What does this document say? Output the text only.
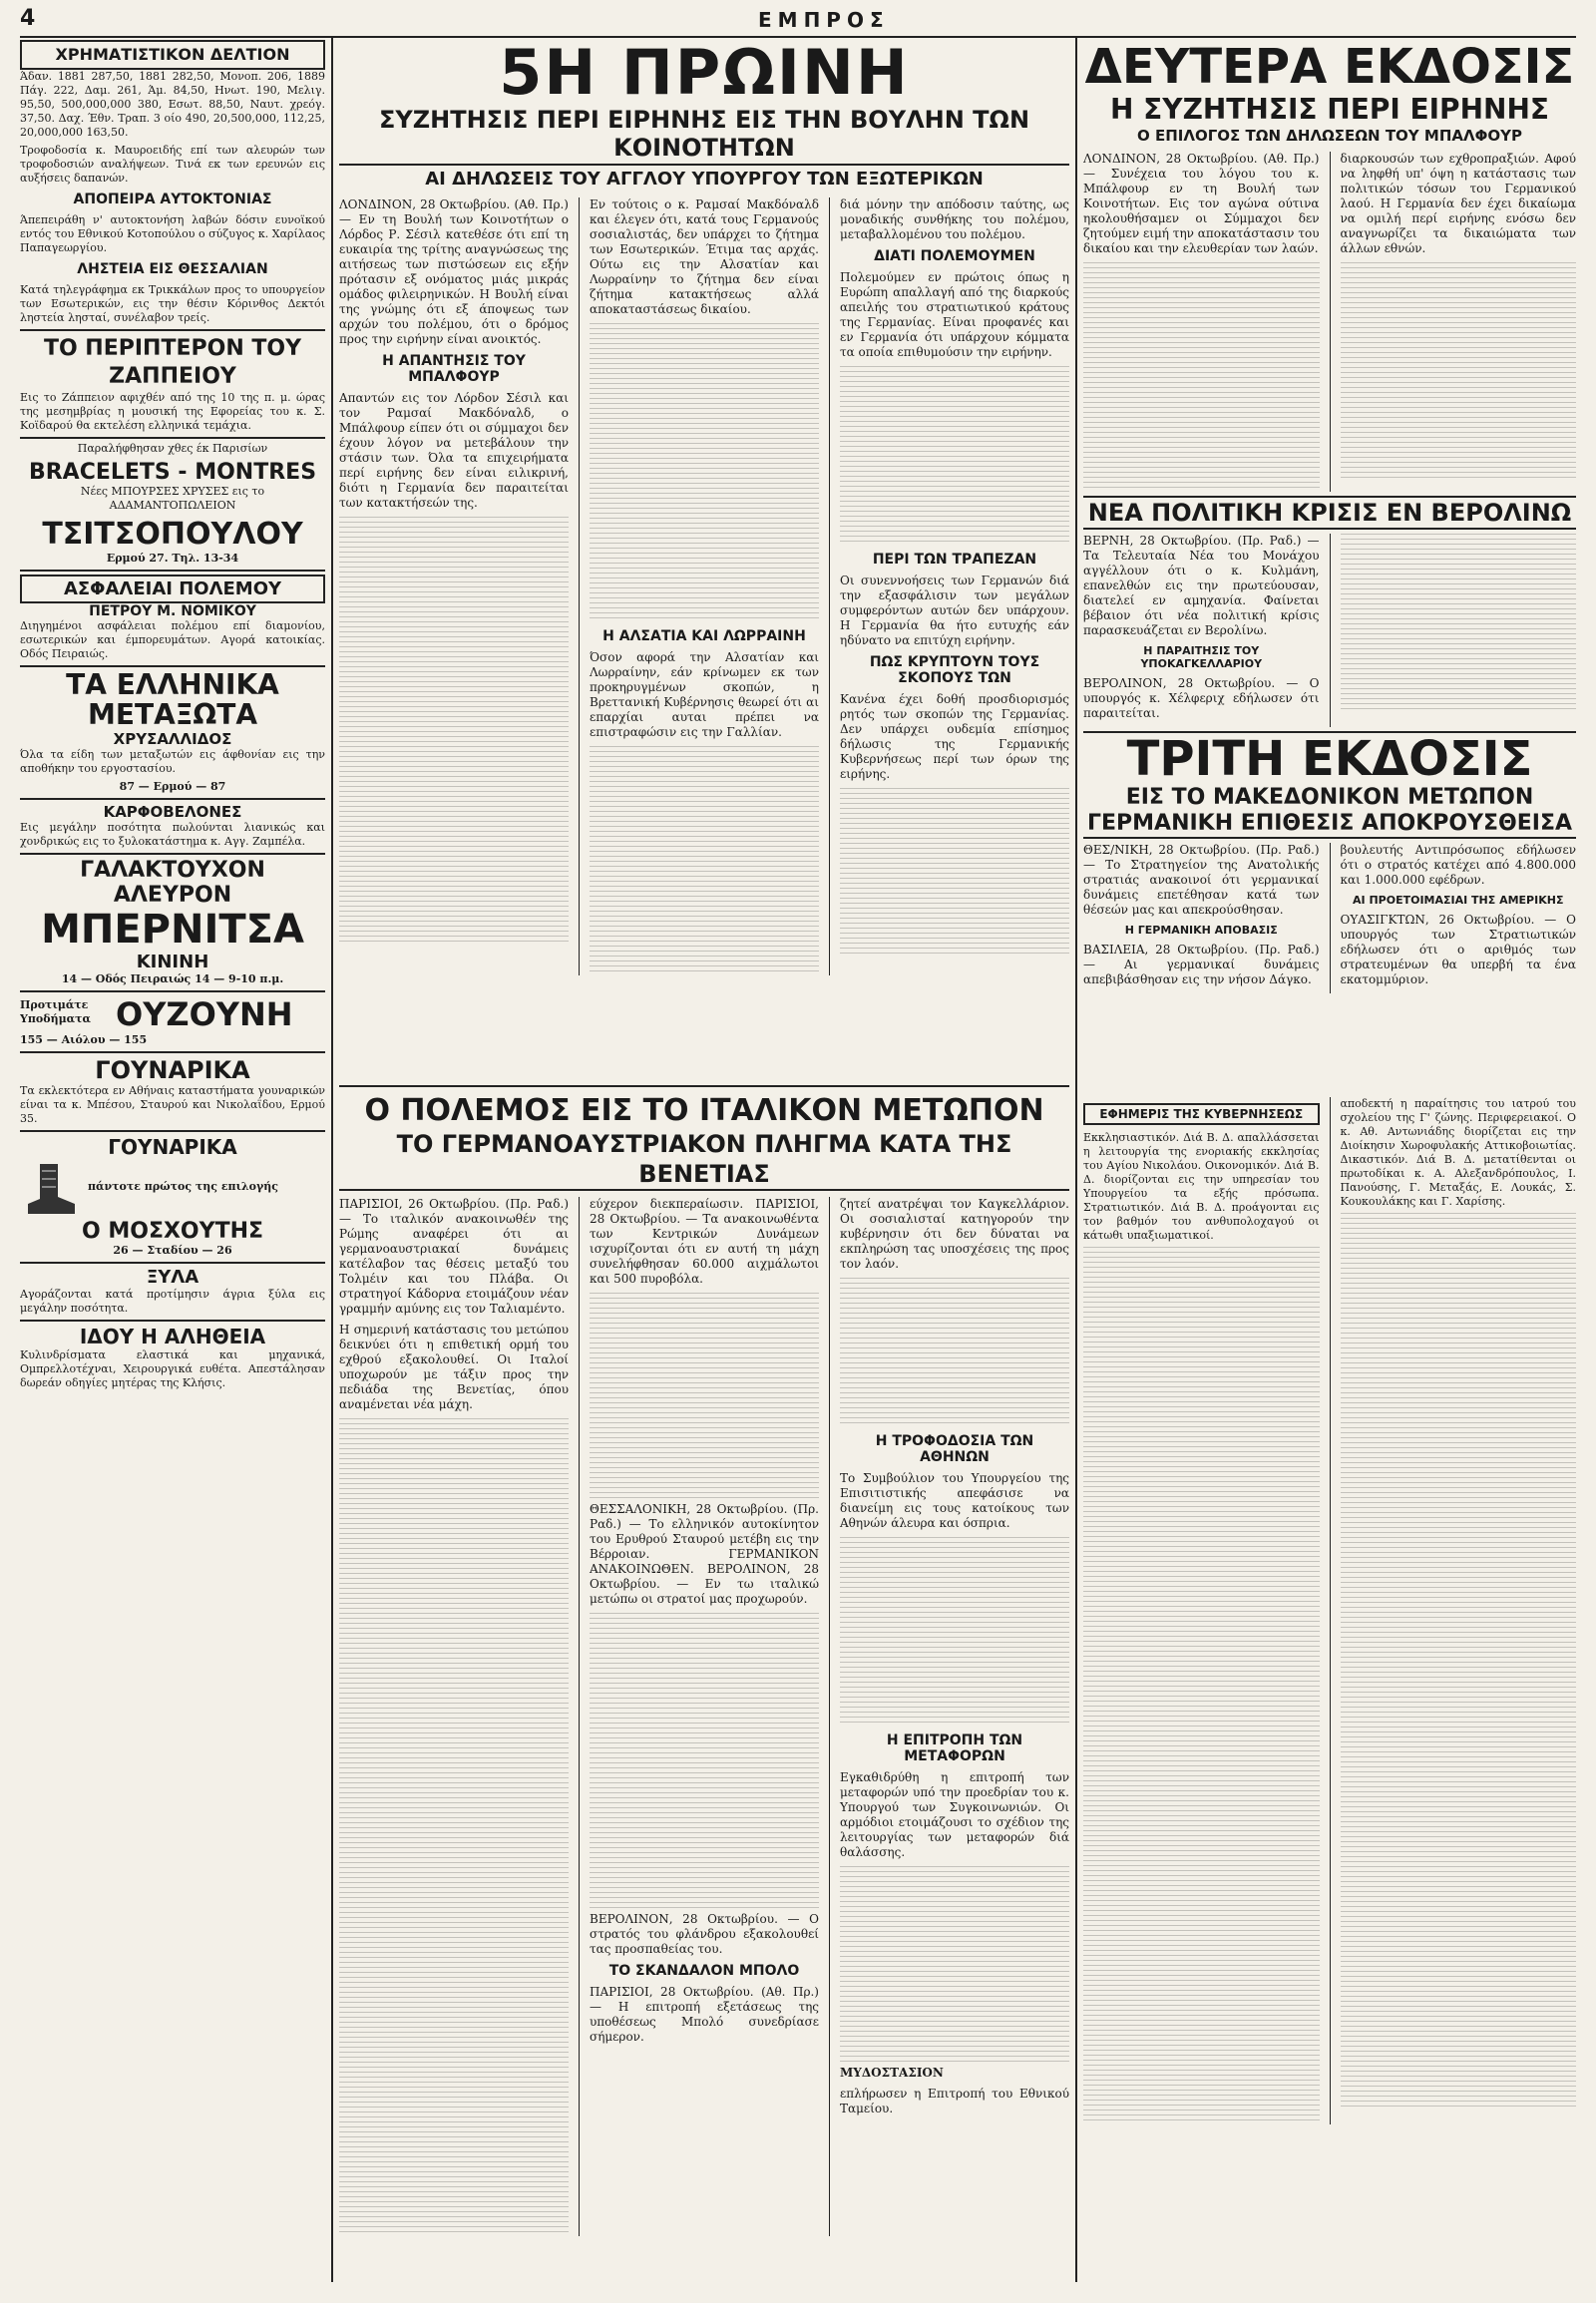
4	ΕΜΠΡΟΣ
ΧΡΗΜΑΤΙΣΤΙΚΟΝ ΔΕΛΤΙΟΝ

Άδαν. 1881 287,50, 1881 282,50, Μονοπ. 206, 1889 Πάγ. 222, Δαμ. 261, Άμ. 84,50, Ηνωτ. 190, Μελιγ. 95,50, 500,000,000 380, Εσωτ. 88,50, Ναυτ. χρεόγ. 37,50. Δαχ. Έθν. Τραπ. 3 οίο 490, 20,500,000, 112,25, 20,000,000 163,50.

Τροφοδοσία κ. Μαυροειδής επί των αλευρών των τροφοδοσιών αναλήψεων. Τινά εκ των ερευνών εις αυξήσεις δαπανών.

ΑΠΟΠΕΙΡΑ ΑΥΤΟΚΤΟΝΙΑΣ

Άπεπειράθη ν' αυτοκτονήση λαβών δόσιν ευνοϊκού εντός του Εθνικού Κοτοπούλου ο σύζυγος κ. Χαρίλαος Παπαγεωργίου.

ΛΗΣΤΕΙΑ ΕΙΣ ΘΕΣΣΑΛΙΑΝ

Κατά τηλεγράφημα εκ Τρικκάλων προς το υπουργείον των Εσωτερικών, εις την θέσιν Κόρινθος Δεκτόι ληστεία λησταί, συνέλαβον τρείς.

ΤΟ ΠΕΡΙΠΤΕΡΟΝ ΤΟΥ ΖΑΠΠΕΙΟΥ

Εις το Ζάππειον αφιχθέν από της 10 της π. μ. ώρας της μεσημβρίας η μουσική της Εφορείας του κ. Σ. Κοϊδαρού θα εκτελέση ελληνικά τεμάχια.

Παραλήφθησαν χθες έκ Παρισίων
BRACELETS - MONTRES
Νέες ΜΠΟΥΡΣΕΣ ΧΡΥΣΕΣ εις το ΑΔΑΜΑΝΤΟΠΩΛΕΙΟΝ
ΤΣΙΤΣΟΠΟΥΛΟΥ
Ερμού 27. Τηλ. 13-34
ΑΣΦΑΛΕΙΑΙ ΠΟΛΕΜΟΥ
ΠΕΤΡΟΥ Μ. ΝΟΜΙΚΟΥ

Διηγημένοι ασφάλειαι πολέμου επί διαμονίου, εσωτερικών και έμπορευμάτων. Αγορά κατοικίας. Οδός Πειραιώς.

ΤΑ ΕΛΛΗΝΙΚΑ ΜΕΤΑΞΩΤΑ
ΧΡΥΣΑΛΛΙΔΟΣ

Όλα τα είδη των μεταξωτών εις άφθονίαν εις την αποθήκην του εργοστασίου.

87 — Ερμού — 87
ΚΑΡΦΟΒΕΛΟΝΕΣ

Εις μεγάλην ποσότητα πωλούνται λιανικώς και χονδρικώς εις το ξυλοκατάστημα κ. Αγγ. Ζαμπέλα.

ΓΑΛΑΚΤΟΥΧΟΝ ΑΛΕΥΡΟΝ
ΜΠΕΡΝΙΤΣΑ
ΚΙΝΙΝΗ
14 — Οδός Πειραιώς 14 — 9-10 π.μ.
Προτιμάτε Υποδήματα ΟΥΖΟΥΝΗ
155 — Αιόλου — 155
ΓΟΥΝΑΡΙΚΑ

Τα εκλεκτότερα εν Αθήναις καταστήματα γουναρικών είναι τα κ. Μπέσου, Σταυρού και Νικολαΐδου, Ερμού 35.

ΓΟΥΝΑΡΙΚΑ
πάντοτε πρώτος της επιλογής
Ο ΜΟΣΧΟΥΤΗΣ
26 — Σταδίου — 26
ΞΥΛΑ

Αγοράζονται κατά προτίμησιν άγρια ξύλα εις μεγάλην ποσότητα.

ΙΔΟΥ Η ΑΛΗΘΕΙΑ

Κυλινδρίσματα ελαστικά και μηχανικά, Ομπρελλοτέχναι, Χειρουργικά ευθέτα. Απεστάλησαν δωρεάν οδηγίες μητέρας της Κλήσις.

5Η ΠΡΩΙΝΗ
ΣΥΖΗΤΗΣΙΣ ΠΕΡΙ ΕΙΡΗΝΗΣ ΕΙΣ ΤΗΝ ΒΟΥΛΗΝ ΤΩΝ ΚΟΙΝΟΤΗΤΩΝ
ΑΙ ΔΗΛΩΣΕΙΣ ΤΟΥ ΑΓΓΛΟΥ ΥΠΟΥΡΓΟΥ ΤΩΝ ΕΞΩΤΕΡΙΚΩΝ

ΛΟΝΔΙΝΟΝ, 28 Οκτωβρίου. (Αθ. Πρ.) — Εν τη Βουλή των Κοινοτήτων ο Λόρδος Ρ. Σέσιλ κατεθέσε ότι επί τη ευκαιρία της τρίτης αναγνώσεως της αιτήσεως των πιστώσεων εις εξήν πρότασιν εξ ονόματος μιάς μικράς ομάδος φιλειρηνικών. Η Βουλή είναι της γνώμης ότι εξ άποψεως των αρχών του πολέμου, ότι ο δρόμος προς την ειρήνην είναι ανοικτός.

Η ΑΠΑΝΤΗΣΙΣ ΤΟΥ ΜΠΑΛΦΟΥΡ

Απαντών εις τον Λόρδον Σέσιλ και τον Ραμσαί Μακδόναλδ, ο Μπάλφουρ είπεν ότι οι σύμμαχοι δεν έχουν λόγον να μετεβάλουν την στάσιν των. Όλα τα επιχειρήματα περί ειρήνης δεν είναι ειλικρινή, διότι η Γερμανία δεν παραιτείται των κατακτήσεών της.

Εν τούτοις ο κ. Ραμσαί Μακδόναλδ και έλεγεν ότι, κατά τους Γερμανούς σοσιαλιστάς, δεν υπάρχει το ζήτημα των Εσωτερικών. Έτιμα τας αρχάς. Ούτω εις την Αλσατίαν και Λωρραίνην το ζήτημα δεν είναι ζήτημα κατακτήσεως αλλά αποκαταστάσεως δικαίου.

Η ΑΛΣΑΤΙΑ ΚΑΙ ΛΩΡΡΑΙΝΗ

Όσον αφορά την Αλσατίαν και Λωρραίνην, εάν κρίνωμεν εκ των προκηρυγμένων σκοπών, η Βρεττανική Κυβέρνησις θεωρεί ότι αι επαρχίαι αυται πρέπει να επιστραφώσιν εις την Γαλλίαν.

διά μόνην την απόδοσιν ταύτης, ως μοναδικής συνθήκης του πολέμου, μεταβαλλομένου του πολέμου.

ΔΙΑΤΙ ΠΟΛΕΜΟΥΜΕΝ

Πολεμούμεν εν πρώτοις όπως η Ευρώπη απαλλαγή από της διαρκούς απειλής του στρατιωτικού κράτους της Γερμανίας. Είναι προφανές και εν Γερμανία ότι υπάρχουν κόμματα τα οποία επιθυμούσιν την ειρήνην.

ΠΕΡΙ ΤΩΝ ΤΡΑΠΕΖΑΝ

Οι συνεννοήσεις των Γερμανών διά την εξασφάλισιν των μεγάλων συμφερόντων αυτών δεν υπάρχουν. Η Γερμανία θα ήτο ευτυχής εάν ηδύνατο να επιτύχη ειρήνην.

ΠΩΣ ΚΡΥΠΤΟΥΝ ΤΟΥΣ ΣΚΟΠΟΥΣ ΤΩΝ

Κανένα έχει δοθή προσδιορισμός ρητός των σκοπών της Γερμανίας. Δεν υπάρχει ουδεμία επίσημος δήλωσις της Γερμανικής Κυβερνήσεως περί των όρων της ειρήνης.

ΔΕΥΤΕΡΑ ΕΚΔΟΣΙΣ
Η ΣΥΖΗΤΗΣΙΣ ΠΕΡΙ ΕΙΡΗΝΗΣ
Ο ΕΠΙΛΟΓΟΣ ΤΩΝ ΔΗΛΩΣΕΩΝ ΤΟΥ ΜΠΑΛΦΟΥΡ

ΛΟΝΔΙΝΟΝ, 28 Οκτωβρίου. (Αθ. Πρ.) — Συνέχεια του λόγου του κ. Μπάλφουρ εν τη Βουλή των Κοινοτήτων. Εις τον αγώνα ούτινα ηκολουθήσαμεν οι Σύμμαχοι δεν ζητούμεν ειμή την αποκατάστασιν του δικαίου και την ελευθερίαν των λαών.

διαρκουσών των εχθροπραξιών. Αφού να ληφθή υπ' όψη η κατάστασις των πολιτικών τόσων του Γερμανικού λαού. Η Γερμανία δεν έχει δικαίωμα να ομιλή περί ειρήνης ενόσω δεν αναγνωρίζει τα δικαιώματα των άλλων εθνών.

ΝΕΑ ΠΟΛΙΤΙΚΗ ΚΡΙΣΙΣ ΕΝ ΒΕΡΟΛΙΝΩ

ΒΕΡΝΗ, 28 Οκτωβρίου. (Πρ. Ραδ.) — Τα Τελευταία Νέα του Μονάχου αγγέλλουν ότι ο κ. Κυλμάνη, επανελθών εις την πρωτεύουσαν, διατελεί εν αμηχανία. Φαίνεται βέβαιον ότι νέα πολιτική κρίσις παρασκευάζεται εν Βερολίνω.

Η ΠΑΡΑΙΤΗΣΙΣ ΤΟΥ ΥΠΟΚΑΓΚΕΛΛΑΡΙΟΥ

ΒΕΡΟΛΙΝΟΝ, 28 Οκτωβρίου. — Ο υπουργός κ. Χέλφεριχ εδήλωσεν ότι παραιτείται.

ΤΡΙΤΗ ΕΚΔΟΣΙΣ
ΕΙΣ ΤΟ ΜΑΚΕΔΟΝΙΚΟΝ ΜΕΤΩΠΟΝ
ΓΕΡΜΑΝΙΚΗ ΕΠΙΘΕΣΙΣ ΑΠΟΚΡΟΥΣΘΕΙΣΑ

ΘΕΣ/ΝΙΚΗ, 28 Οκτωβρίου. (Πρ. Ραδ.) — Το Στρατηγείον της Ανατολικής στρατιάς ανακοινοί ότι γερμανικαί δυνάμεις επετέθησαν κατά των θέσεών μας και απεκρούσθησαν.

Η ΓΕΡΜΑΝΙΚΗ ΑΠΟΒΑΣΙΣ

ΒΑΣΙΛΕΙΑ, 28 Οκτωβρίου. (Πρ. Ραδ.) — Αι γερμανικαί δυνάμεις απεβιβάσθησαν εις την νήσον Δάγκο.

βουλευτής Αντιπρόσωπος εδήλωσεν ότι ο στρατός κατέχει από 4.800.000 και 1.000.000 εφέδρων.

ΑΙ ΠΡΟΕΤΟΙΜΑΣΙΑΙ ΤΗΣ ΑΜΕΡΙΚΗΣ

ΟΥΑΣΙΓΚΤΩΝ, 26 Οκτωβρίου. — Ο υπουργός των Στρατιωτικών εδήλωσεν ότι ο αριθμός των στρατευμένων θα υπερβή τα ένα εκατομμύριον.

ΕΦΗΜΕΡΙΣ ΤΗΣ ΚΥΒΕΡΝΗΣΕΩΣ

Εκκλησιαστικόν. Διά Β. Δ. απαλλάσσεται η λειτουργία της ενοριακής εκκλησίας του Αγίου Νικολάου. Οικονομικόν. Διά Β. Δ. διορίζονται εις την υπηρεσίαν του Υπουργείου τα εξής πρόσωπα. Στρατιωτικόν. Διά Β. Δ. προάγονται εις τον βαθμόν του ανθυπολοχαγού οι κάτωθι υπαξιωματικοί.

αποδεκτή η παραίτησις του ιατρού του σχολείου της Γ' ζώνης. Περιφερειακοί. Ο κ. Αθ. Αντωνιάδης διορίζεται εις την Διοίκησιν Χωροφυλακής Αττικοβοιωτίας. Δικαστικόν. Διά Β. Δ. μετατίθενται οι πρωτοδίκαι κ. Α. Αλεξανδρόπουλος, Ι. Πανούσης, Γ. Μεταξάς, Ε. Λουκάς, Σ. Κουκουλάκης και Γ. Χαρίσης.

Ο ΠΟΛΕΜΟΣ ΕΙΣ ΤΟ ΙΤΑΛΙΚΟΝ ΜΕΤΩΠΟΝ
ΤΟ ΓΕΡΜΑΝΟΑΥΣΤΡΙΑΚΟΝ ΠΛΗΓΜΑ ΚΑΤΑ ΤΗΣ ΒΕΝΕΤΙΑΣ

ΠΑΡΙΣΙΟΙ, 26 Οκτωβρίου. (Πρ. Ραδ.) — Το ιταλικόν ανακοινωθέν της Ρώμης αναφέρει ότι αι γερμανοαυστριακαί δυνάμεις κατέλαβον τας θέσεις μεταξύ του Τολμέιν και του Πλάβα. Οι στρατηγοί Κάδορνα ετοιμάζουν νέαν γραμμήν αμύνης εις τον Ταλιαμέντο.

Η σημερινή κατάστασις του μετώπου δεικνύει ότι η επιθετική ορμή του εχθρού εξακολουθεί. Οι Ιταλοί υποχωρούν με τάξιν προς την πεδιάδα της Βενετίας, όπου αναμένεται νέα μάχη.

εύχερον διεκπεραίωσιν. ΠΑΡΙΣΙΟΙ, 28 Οκτωβρίου. — Τα ανακοινωθέντα των Κεντρικών Δυνάμεων ισχυρίζονται ότι εν αυτή τη μάχη συνελήφθησαν 60.000 αιχμάλωτοι και 500 πυροβόλα.

ΘΕΣΣΑΛΟΝΙΚΗ, 28 Οκτωβρίου. (Πρ. Ραδ.) — Το ελληνικόν αυτοκίνητον του Ερυθρού Σταυρού μετέβη εις την Βέρροιαν. ΓΕΡΜΑΝΙΚΟΝ ΑΝΑΚΟΙΝΩΘΕΝ. ΒΕΡΟΛΙΝΟΝ, 28 Οκτωβρίου. — Εν τω ιταλικώ μετώπω οι στρατοί μας προχωρούν.

ΒΕΡΟΛΙΝΟΝ, 28 Οκτωβρίου. — Ο στρατός του φλάνδρου εξακολουθεί τας προσπαθείας του.

ΤΟ ΣΚΑΝΔΑΛΟΝ ΜΠΟΛΟ

ΠΑΡΙΣΙΟΙ, 28 Οκτωβρίου. (Αθ. Πρ.) — Η επιτροπή εξετάσεως της υποθέσεως Μπολό συνεδρίασε σήμερον.

ζητεί ανατρέψαι τον Καγκελλάριον. Οι σοσιαλισταί κατηγορούν την κυβέρνησιν ότι δεν δύναται να εκπληρώση τας υποσχέσεις της προς τον λαόν.

Η ΤΡΟΦΟΔΟΣΙΑ ΤΩΝ ΑΘΗΝΩΝ

Το Συμβούλιον του Υπουργείου της Επισιτιστικής απεφάσισε να διανείμη εις τους κατοίκους των Αθηνών άλευρα και όσπρια.

Η ΕΠΙΤΡΟΠΗ ΤΩΝ ΜΕΤΑΦΟΡΩΝ

Εγκαθιδρύθη η επιτροπή των μεταφορών υπό την προεδρίαν του κ. Υπουργού των Συγκοινωνιών. Οι αρμόδιοι ετοιμάζουσι το σχέδιον της λειτουργίας των μεταφορών διά θαλάσσης.

ΜΥΔΟΣΤΑΣΙΟΝ

επλήρωσεν η Επιτροπή του Εθνικού Ταμείου.
